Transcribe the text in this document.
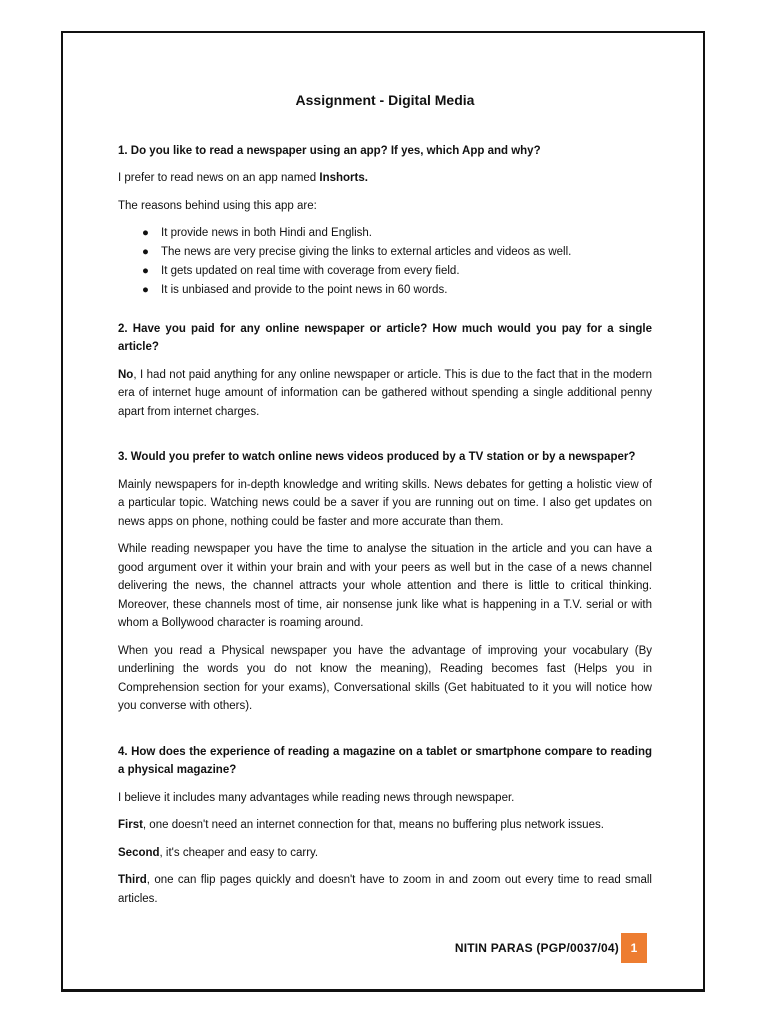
Assignment - Digital Media
1. Do you like to read a newspaper using an app? If yes, which App and why?
I prefer to read news on an app named Inshorts.
The reasons behind using this app are:
● It provide news in both Hindi and English.
● The news are very precise giving the links to external articles and videos as well.
● It gets updated on real time with coverage from every field.
● It is unbiased and provide to the point news in 60 words.
2. Have you paid for any online newspaper or article? How much would you pay for a single article?
No, I had not paid anything for any online newspaper or article. This is due to the fact that in the modern era of internet huge amount of information can be gathered without spending a single additional penny apart from internet charges.
3. Would you prefer to watch online news videos produced by a TV station or by a newspaper?
Mainly newspapers for in-depth knowledge and writing skills. News debates for getting a holistic view of a particular topic. Watching news could be a saver if you are running out on time. I also get updates on news apps on phone, nothing could be faster and more accurate than them.
While reading newspaper you have the time to analyse the situation in the article and you can have a good argument over it within your brain and with your peers as well but in the case of a news channel delivering the news, the channel attracts your whole attention and there is little to critical thinking. Moreover, these channels most of time, air nonsense junk like what is happening in a T.V. serial or with whom a Bollywood character is roaming around.
When you read a Physical newspaper you have the advantage of improving your vocabulary (By underlining the words you do not know the meaning), Reading becomes fast (Helps you in Comprehension section for your exams), Conversational skills (Get habituated to it you will notice how you converse with others).
4. How does the experience of reading a magazine on a tablet or smartphone compare to reading a physical magazine?
I believe it includes many advantages while reading news through newspaper.
First, one doesn't need an internet connection for that, means no buffering plus network issues.
Second, it's cheaper and easy to carry.
Third, one can flip pages quickly and doesn't have to zoom in and zoom out every time to read small articles.
NITIN PARAS (PGP/0037/04) 1
